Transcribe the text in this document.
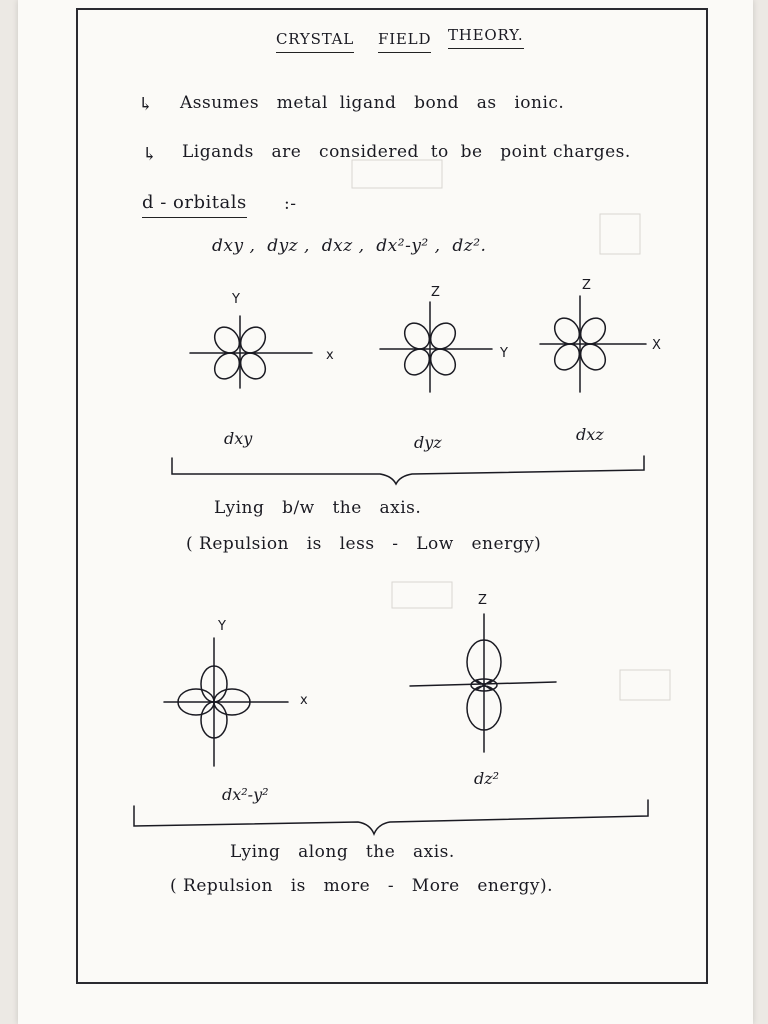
CRYSTAL FIELD THEORY.
↳ Assumes   metal  ligand   bond   as   ionic.
↳ Ligands   are   considered  to  be   point charges.
d - orbitals :-
dxy ,  dyz ,  dxz ,  dx²-y² ,  dz².
Y
x
dxy
Z
Y
dyz
Z
X
dxz
Y
x
dx²-y²
Z
dz²
Lying   b/w   the   axis.
( Repulsion   is   less   -   Low   energy)
Lying   along   the   axis.
( Repulsion   is   more   -   More   energy).
